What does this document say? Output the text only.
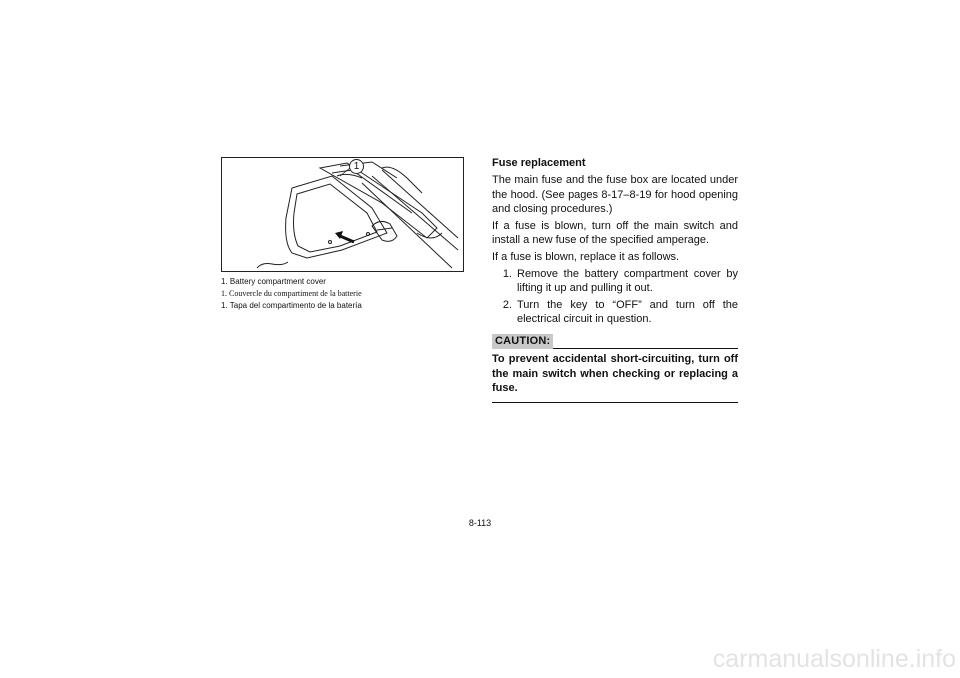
1

1. Battery compartment cover

1. Couvercle du compartiment de la batterie

1. Tapa del compartimento de la batería

Fuse replacement

The main fuse and the fuse box are located under the hood. (See pages 8-17–8-19 for hood opening and closing procedures.)

If a fuse is blown, turn off the main switch and install a new fuse of the specified amperage.

If a fuse is blown, replace it as follows.

1. Remove the battery compartment cover by lifting it up and pulling it out.
2. Turn the key to “OFF” and turn off the electrical circuit in question.
CAUTION:

To prevent accidental short-circuiting, turn off the main switch when checking or replacing a fuse.

8-113
carmanualsonline.info
